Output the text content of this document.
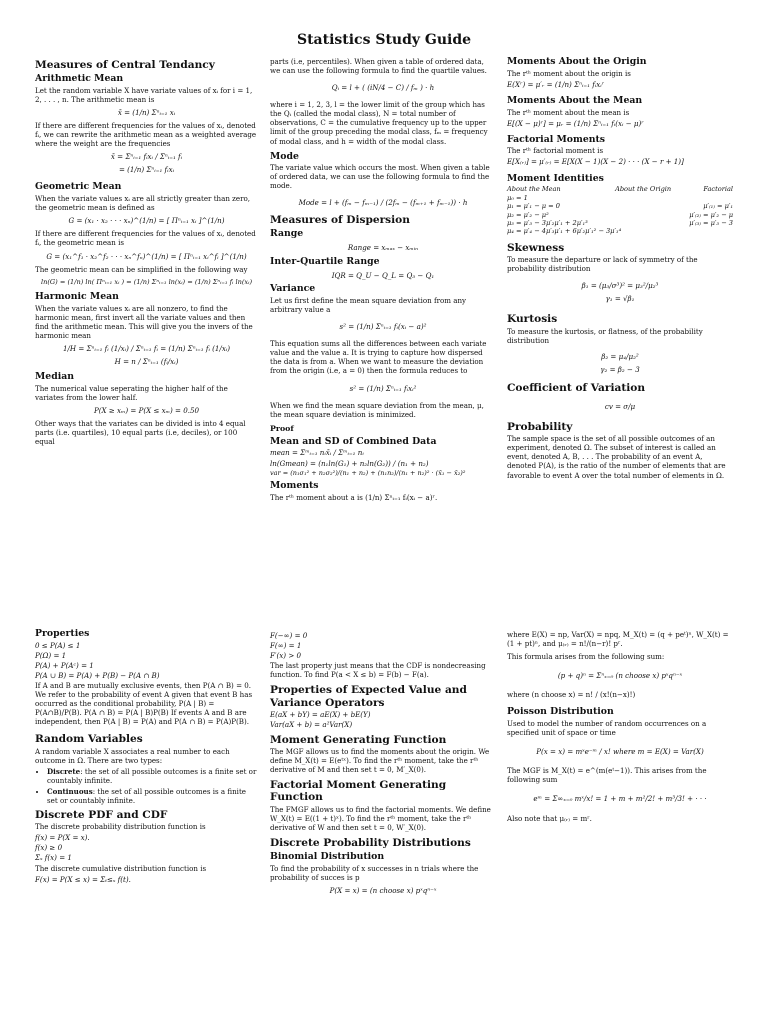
Statistics Study Guide
Measures of Central Tendancy
Arithmetic Mean

Let the random variable X have variate values of xᵢ for i = 1, 2, . . . , n. The arithmetic mean is

x̄ = (1/n) Σⁿᵢ₌₁ xᵢ

If there are different frequencies for the values of xᵢ, denoted fᵢ, we can rewrite the arithmetic mean as a weighted average where the weight are the frequencies

x̄ = Σⁿᵢ₌₁ fᵢxᵢ / Σⁿᵢ₌₁ fᵢ
= (1/n) Σⁿᵢ₌₁ fᵢxᵢ
Geometric Mean

When the variate values xᵢ are all strictly greater than zero, the geometric mean is defined as

G = (x₁ · x₂ · · · xₙ)^(1/n) = [ Πⁿᵢ₌₁ xᵢ ]^(1/n)

If there are different frequencies for the values of xᵢ, denoted fᵢ, the geometric mean is

G = (x₁^f₁ · x₂^f₂ · · · xₙ^fₙ)^(1/n) = [ Πⁿᵢ₌₁ xᵢ^fᵢ ]^(1/n)

The geometric mean can be simplified in the following way

ln(G) = (1/n) ln( Πⁿᵢ₌₁ xᵢ ) = (1/n) Σⁿᵢ₌₁ ln(xᵢ) = (1/n) Σⁿᵢ₌₁ fᵢ ln(xᵢ)
Harmonic Mean

When the variate values xᵢ are all nonzero, to find the harmonic mean, first invert all the variate values and then find the arithmetic mean. This will give you the invers of the harmonic mean

1/H = Σⁿᵢ₌₁ fᵢ (1/xᵢ) / Σⁿᵢ₌₁ fᵢ = (1/n) Σⁿᵢ₌₁ fᵢ (1/xᵢ)
H = n / Σⁿᵢ₌₁ (fᵢ/xᵢ)
Median

The numerical value seperating the higher half of the variates from the lower half.

P(X ≥ xₘ) = P(X ≤ xₘ) = 0.50

Other ways that the variates can be divided is into 4 equal parts (i.e. quartiles), 10 equal parts (i.e, deciles), or 100 equal

parts (i.e, percentiles). When given a table of ordered data, we can use the following formula to find the quartile values.

Qᵢ = l + ( (iN/4 − C) / fₘ ) · h

where i = 1, 2, 3, l = the lower limit of the group which has the Qᵢ (called the modal class), N = total number of observations, C = the cumulative frequency up to the upper limit of the group preceding the modal class, fₘ = frequency of modal class, and h = width of the modal class.

Mode

The variate value which occurs the most. When given a table of ordered data, we can use the following formula to find the mode.

Mode = l + (fₘ − fₘ₋₁) / (2fₘ − (fₘ₊₁ + fₘ₋₁)) · h
Measures of Dispersion
Range
Range = xₘₐₓ − xₘᵢₙ
Inter-Quartile Range
IQR = Q_U − Q_L = Q₃ − Q₁
Variance

Let us first define the mean square deviation from any arbitrary value a

s² = (1/n) Σⁿᵢ₌₁ fᵢ(xᵢ − a)²

This equation sums all the differences between each variate value and the value a. It is trying to capture how dispersed the data is from a. When we want to measure the deviation from the origin (i.e, a = 0) then the formula reduces to

s² = (1/n) Σⁿᵢ₌₁ fᵢxᵢ²

When we find the mean square deviation from the mean, μ, the mean square deviation is minimized.

Proof
Mean and SD of Combined Data
mean = Σᵐᵢ₌₁ nᵢx̄ᵢ / Σᵐᵢ₌₁ nᵢ
ln(Gmean) = (n₁ln(G₁) + n₂ln(G₂)) / (n₁ + n₂)
var = (n₁σ₁² + n₂σ₂²)/(n₁ + n₂) + (n₁n₂)/(n₁ + n₂)² · (x̄₁ − x̄₂)²
Moments

The rᵗʰ moment about a is (1/n) Σⁿᵢ₌₁ fᵢ(xᵢ − a)ʳ.

Moments About the Origin

The rᵗʰ moment about the origin is

E(Xʳ) = μ′ᵣ = (1/n) Σⁿᵢ₌₁ fᵢxᵢʳ
Moments About the Mean

The rᵗʰ moment about the mean is

E[(X − μ)ʳ] = μᵣ = (1/n) Σⁿᵢ₌₁ fᵢ(xᵢ − μ)ʳ
Factorial Moments

The rᵗʰ factorial moment is

E[X₍ᵣ₎] = μ′₍ᵣ₎ = E[X(X − 1)(X − 2) · · · (X − r + 1)]
Moment Identities
About the Mean	About the Origin	Factorial
μ₀ = 1		
μ₁ = μ′₁ − μ = 0		μ′₍₁₎ = μ′₁
μ₂ = μ′₂ − μ²		μ′₍₂₎ = μ′₂ − μ
μ₃ = μ′₃ − 3μ′₂μ′₁ + 2μ′₁³		μ′₍₃₎ = μ′₃ − 3
μ₄ = μ′₄ − 4μ′₃μ′₁ + 6μ′₂μ′₁² − 3μ′₁⁴		
Skewness

To measure the departure or lack of symmetry of the probability distribution

β₁ = (μ₃/σ³)² = μ₃²/μ₂³
γ₁ = √β₁
Kurtosis

To measure the kurtosis, or flatness, of the probability distribution

β₂ = μ₄/μ₂²
γ₂ = β₂ − 3
Coefficient of Variation
cv = σ/μ
Probability

The sample space is the set of all possible outcomes of an experiment, denoted Ω. The subset of interest is called an event, denoted A, B, . . . The probability of an event A, denoted P(A), is the ratio of the number of elements that are favorable to event A over the total number of elements in Ω.

Properties
0 ≤ P(A) ≤ 1
P(Ω) = 1
P(A) + P(Aᶜ) = 1
P(A ∪ B) = P(A) + P(B) − P(A ∩ B)

If A and B are mutually exclusive events, then P(A ∩ B) = 0. We refer to the probability of event A given that event B has occurred as the conditional probability, P(A | B) = P(A∩B)/P(B). P(A ∩ B) = P(A | B)P(B) If events A and B are independent, then P(A | B) = P(A) and P(A ∩ B) = P(A)P(B).

Random Variables

A random variable X associates a real number to each outcome in Ω. There are two types:

• Discrete: the set of all possible outcomes is a finite set or countably infinite.
• Continuous: the set of all possible outcomes is a finite set or countably infinite.
Discrete PDF and CDF

The discrete probability distribution function is

f(x) = P(X = x).
f(x) ≥ 0
Σₓ f(x) = 1

The discrete cumulative distribution function is

F(x) = P(X ≤ x) = Σₜ≤ₓ f(t).
F(−∞) = 0
F(∞) = 1
F′(x) > 0

The last property just means that the CDF is nondecreasing function. To find P(a < X ≤ b) = F(b) − F(a).

Properties of Expected Value and Variance Operators
E(aX + bY) = aE(X) + bE(Y)
Var(aX + b) = a²Var(X)
Moment Generating Function

The MGF allows us to find the moments about the origin. We define M_X(t) = E(eᵗˣ). To find the rᵗʰ moment, take the rᵗʰ derivative of M and then set t = 0, M′_X(0).

Factorial Moment Generating Function

The FMGF allows us to find the factorial moments. We define W_X(t) = E((1 + t)ˣ). To find the rᵗʰ moment, take the rᵗʰ derivative of W and then set t = 0, W′_X(0).

Discrete Probability Distributions
Binomial Distribution

To find the probability of x successes in n trials where the probability of succes is p

P(X = x) = (n choose x) pˣqⁿ⁻ˣ

where E(X) = np, Var(X) = npq, M_X(t) = (q + peᵗ)ⁿ, W_X(t) = (1 + pt)ⁿ, and μ₍ᵣ₎ = n!/(n−r)! pʳ.

This formula arises from the following sum:

(p + q)ⁿ = Σⁿₓ₌₀ (n choose x) pˣqⁿ⁻ˣ

where (n choose x) = n! / (x!(n−x)!)

Poisson Distribution

Used to model the number of random occurrences on a specified unit of space or time

P(x = x) = mˣe⁻ᵐ / x! where m = E(X) = Var(X)

The MGF is M_X(t) = e^(m(eᵗ−1)). This arises from the following sum

eᵐ = Σ∞ₓ₌₀ mˣ/x! = 1 + m + m²/2! + m³/3! + · · ·

Also note that μ₍ᵣ₎ = mʳ.
